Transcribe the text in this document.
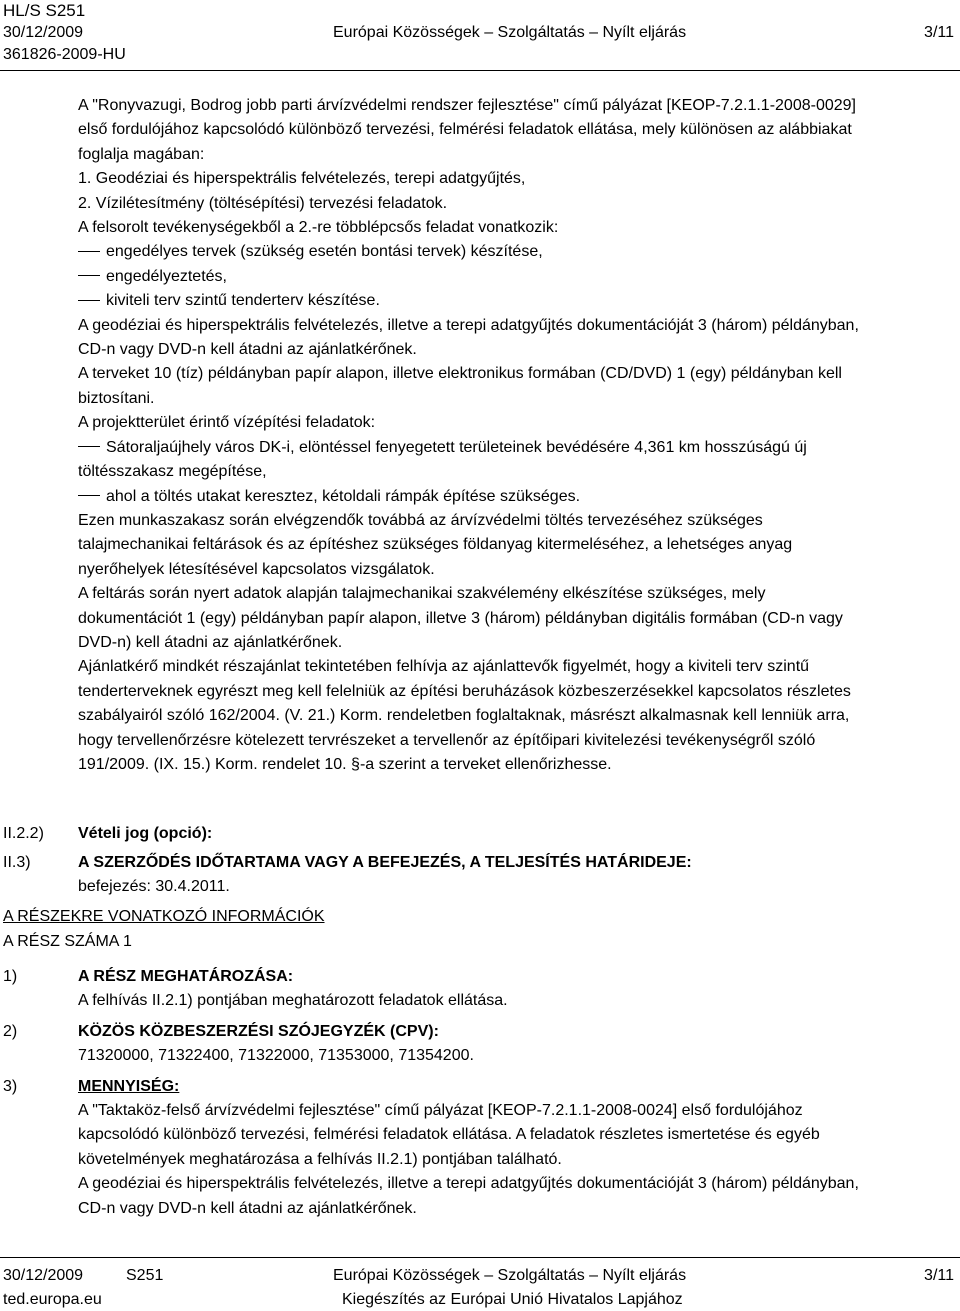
HL/S S251
30/12/2009
361826-2009-HU
Európai Közösségek – Szolgáltatás – Nyílt eljárás	3/11

A "Ronyvazugi, Bodrog jobb parti árvízvédelmi rendszer fejlesztése" című pályázat [KEOP-7.2.1.1-2008-0029]

első fordulójához kapcsolódó különböző tervezési, felmérési feladatok ellátása, mely különösen az alábbiakat

foglalja magában:

1. Geodéziai és hiperspektrális felvételezés, terepi adatgyűjtés,

2. Vízilétesítmény (töltésépítési) tervezési feladatok.

A felsorolt tevékenységekből a 2.-re többlépcsős feladat vonatkozik:

engedélyes tervek (szükség esetén bontási tervek) készítése,

engedélyeztetés,

kiviteli terv szintű tenderterv készítése.

A geodéziai és hiperspektrális felvételezés, illetve a terepi adatgyűjtés dokumentációját 3 (három) példányban,

CD-n vagy DVD-n kell átadni az ajánlatkérőnek.

A terveket 10 (tíz) példányban papír alapon, illetve elektronikus formában (CD/DVD) 1 (egy) példányban kell

biztosítani.

A projektterület érintő vízépítési feladatok:

Sátoraljaújhely város DK-i, elöntéssel fenyegetett területeinek bevédésére 4,361 km hosszúságú új

töltésszakasz megépítése,

ahol a töltés utakat keresztez, kétoldali rámpák építése szükséges.

Ezen munkaszakasz során elvégzendők továbbá az árvízvédelmi töltés tervezéséhez szükséges

talajmechanikai feltárások és az építéshez szükséges földanyag kitermeléséhez, a lehetséges anyag

nyerőhelyek létesítésével kapcsolatos vizsgálatok.

A feltárás során nyert adatok alapján talajmechanikai szakvélemény elkészítése szükséges, mely

dokumentációt 1 (egy) példányban papír alapon, illetve 3 (három) példányban digitális formában (CD-n vagy

DVD-n) kell átadni az ajánlatkérőnek.

Ajánlatkérő mindkét részajánlat tekintetében felhívja az ajánlattevők figyelmét, hogy a kiviteli terv szintű

tenderterveknek egyrészt meg kell felelniük az építési beruházások közbeszerzésekkel kapcsolatos részletes

szabályairól szóló 162/2004. (V. 21.) Korm. rendeletben foglaltaknak, másrészt alkalmasnak kell lenniük arra,

hogy tervellenőrzésre kötelezett tervrészeket a tervellenőr az építőipari kivitelezési tevékenységről szóló

191/2009. (IX. 15.) Korm. rendelet 10. §-a szerint a terveket ellenőrizhesse.

II.2.2) Vételi jog (opció):
II.3)	A SZERZŐDÉS IDŐTARTAMA VAGY A BEFEJEZÉS, A TELJESÍTÉS HATÁRIDEJE:
befejezés: 30.4.2011.
A RÉSZEKRE VONATKOZÓ INFORMÁCIÓK
A RÉSZ SZÁMA 1
1)	A RÉSZ MEGHATÁROZÁSA:
A felhívás II.2.1) pontjában meghatározott feladatok ellátása.
2)	KÖZÖS KÖZBESZERZÉSI SZÓJEGYZÉK (CPV):
71320000, 71322400, 71322000, 71353000, 71354200.
3)	MENNYISÉG:
A "Taktaköz-felső árvízvédelmi fejlesztése" című pályázat [KEOP-7.2.1.1-2008-0024] első fordulójához
kapcsolódó különböző tervezési, felmérési feladatok ellátása. A feladatok részletes ismertetése és egyéb
követelmények meghatározása a felhívás II.2.1) pontjában található.
A geodéziai és hiperspektrális felvételezés, illetve a terepi adatgyűjtés dokumentációját 3 (három) példányban,
CD-n vagy DVD-n kell átadni az ajánlatkérőnek.
30/12/2009	S251	Európai Közösségek – Szolgáltatás – Nyílt eljárás	3/11
ted.europa.eu	Kiegészítés az Európai Unió Hivatalos Lapjához
